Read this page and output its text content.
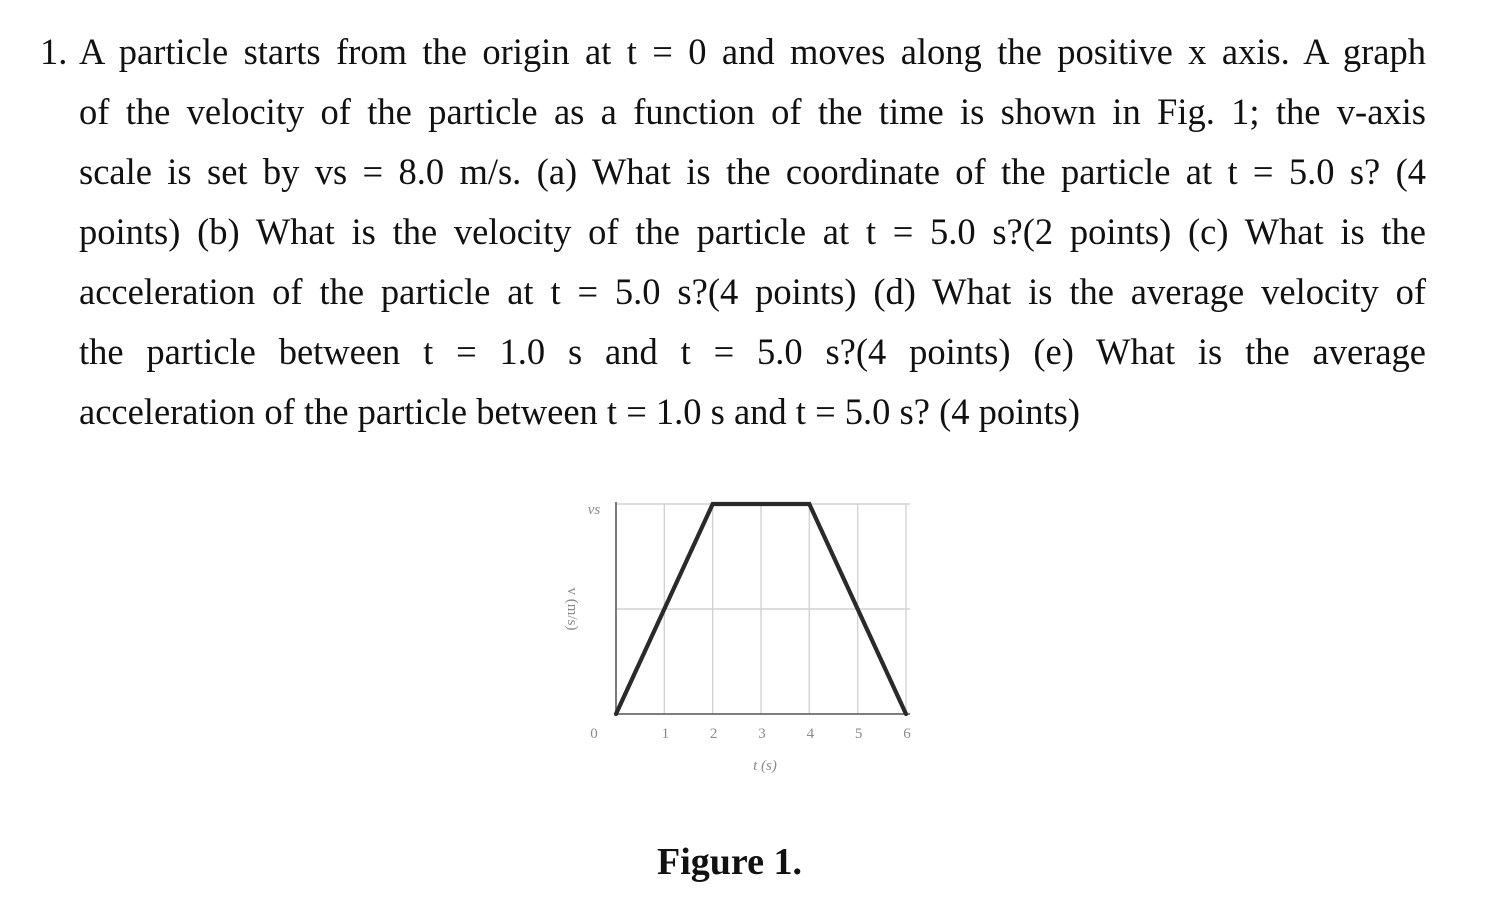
1. A particle starts from the origin at t = 0 and moves along the positive x axis. A graph
of the velocity of the particle as a function of the time is shown in Fig. 1; the v-axis
scale is set by vs = 8.0 m/s. (a) What is the coordinate of the particle at t = 5.0 s? (4
points) (b) What is the velocity of the particle at t = 5.0 s?(2 points) (c) What is the
acceleration of the particle at t = 5.0 s?(4 points) (d) What is the average velocity of
the particle between t = 1.0 s and t = 5.0 s?(4 points) (e) What is the average
acceleration of the particle between t = 1.0 s and t = 5.0 s? (4 points)
0	1	2	3	4	5	6
t (s)
vs
v (m/s)
Figure 1.
